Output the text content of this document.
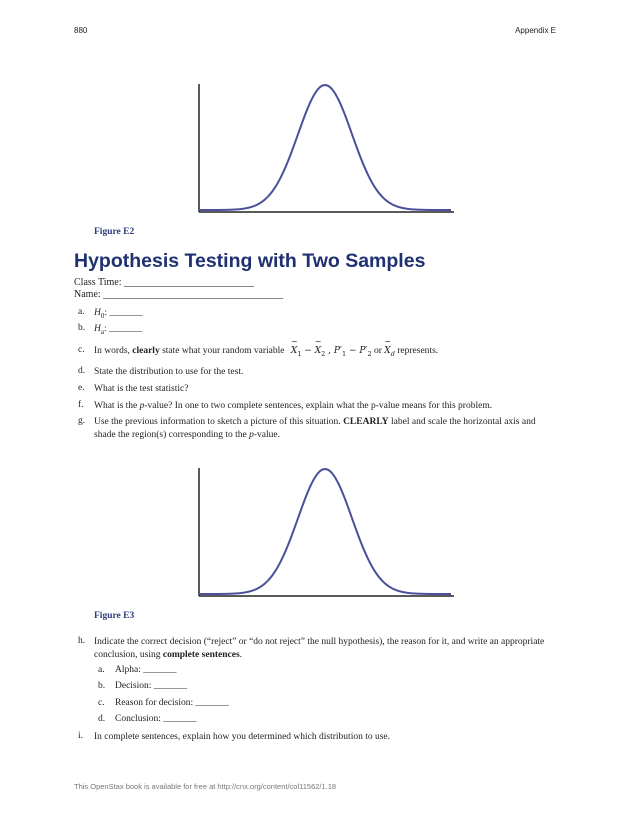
880	Appendix E
Figure E2
Hypothesis Testing with Two Samples
Class Time: __________________________
Name: ____________________________________
a. $H_0$: _______
b. $H_a$: _______
c. In words, clearly state what your random variable ~ $X_1$ − ~ $X_2$ , $P'_1 - P'_2$ or ~ $X_d$ represents.
d. State the distribution to use for the test.
e. What is the test statistic?
f.	What is the p-value? In one to two complete sentences, explain what the p-value means for this problem.
g. Use the previous information to sketch a picture of this situation. CLEARLY label and scale the horizontal axis and shade the region(s) corresponding to the p-value.
Figure E3
h. Indicate the correct decision (“reject” or “do not reject” the null hypothesis), the reason for it, and write an appropriate conclusion, using complete sentences.
a.	Alpha: _______
b.	Decision: _______
c.	Reason for decision: _______
d.	Conclusion: _______
i.	In complete sentences, explain how you determined which distribution to use.
This OpenStax book is available for free at http://cnx.org/content/col11562/1.18
